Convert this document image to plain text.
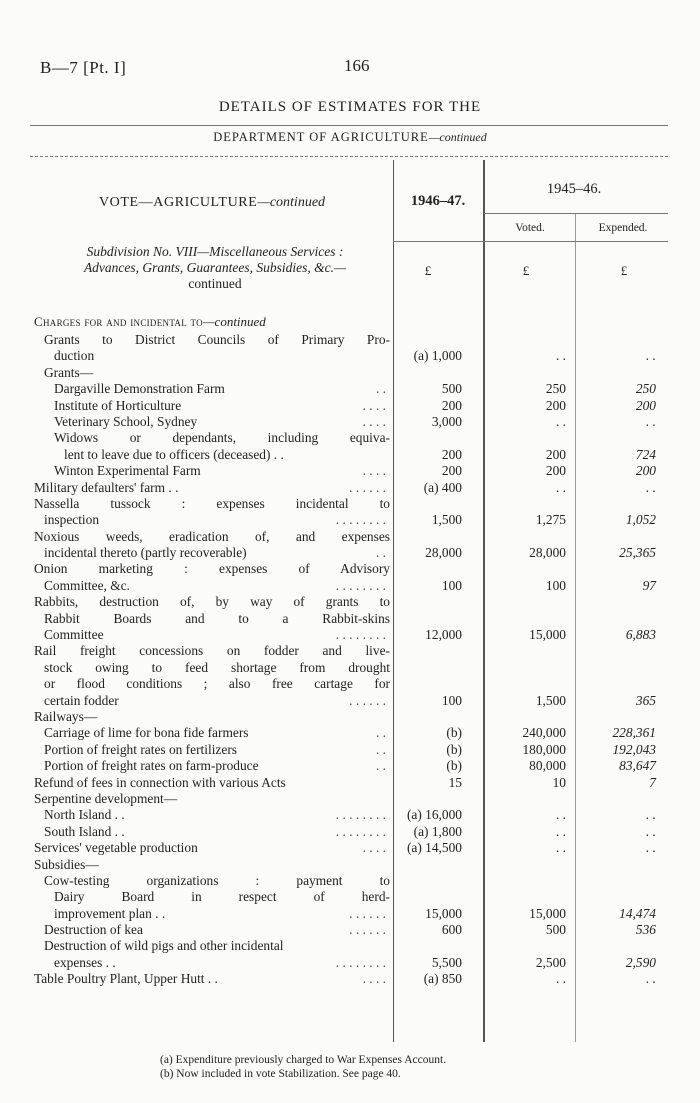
B—7 [Pt. I]	166
DETAILS OF ESTIMATES FOR THE
DEPARTMENT OF AGRICULTURE—continued
VOTE—AGRICULTURE—continued	1946–47.
1945–46.
Voted.	Expended.
Subdivision No. VIII—Miscellaneous Services :
Advances, Grants, Guarantees, Subsidies, &c.—
continued
£	£	£
Charges for and incidental to—continued
Grants to District Councils of Primary Pro-
duction	(a) 1,000	. .	. .
Grants—
Dargaville Demonstration Farm	. .	500	250	250
Institute of Horticulture	. . . .	200	200	200
Veterinary School, Sydney	. . . .	3,000	. .	. .
Widows or dependants, including equiva-
lent to leave due to officers (deceased) . .	200	200	724
Winton Experimental Farm	. . . .	200	200	200
Military defaulters' farm . .	. . . . . .	(a) 400	. .	. .
Nassella tussock : expenses incidental to
inspection	. . . . . . . .	1,500	1,275	1,052
Noxious weeds, eradication of, and expenses
incidental thereto (partly recoverable)	. .	28,000	28,000	25,365
Onion marketing : expenses of Advisory
Committee, &c.	. . . . . . . .	100	100	97
Rabbits, destruction of, by way of grants to
Rabbit Boards and to a Rabbit-skins
Committee	. . . . . . . .	12,000	15,000	6,883
Rail freight concessions on fodder and live-
stock owing to feed shortage from drought
or flood conditions ; also free cartage for
certain fodder	. . . . . .	100	1,500	365
Railways—
Carriage of lime for bona fide farmers	. .	(b)	240,000	228,361
Portion of freight rates on fertilizers	. .	(b)	180,000	192,043
Portion of freight rates on farm-produce	. .	(b)	80,000	83,647
Refund of fees in connection with various Acts	15	10	7
Serpentine development—
North Island . .	. . . . . . . .	(a) 16,000	. .	. .
South Island . .	. . . . . . . .	(a) 1,800	. .	. .
Services' vegetable production	. . . .	(a) 14,500	. .	. .
Subsidies—
Cow-testing organizations : payment to
Dairy Board in respect of herd-
improvement plan . .	. . . . . .	15,000	15,000	14,474
Destruction of kea	. . . . . .	600	500	536
Destruction of wild pigs and other incidental
expenses . .	. . . . . . . .	5,500	2,500	2,590
Table Poultry Plant, Upper Hutt . .	. . . .	(a) 850	. .	. .
(a) Expenditure previously charged to War Expenses Account.
(b) Now included in vote Stabilization. See page 40.
